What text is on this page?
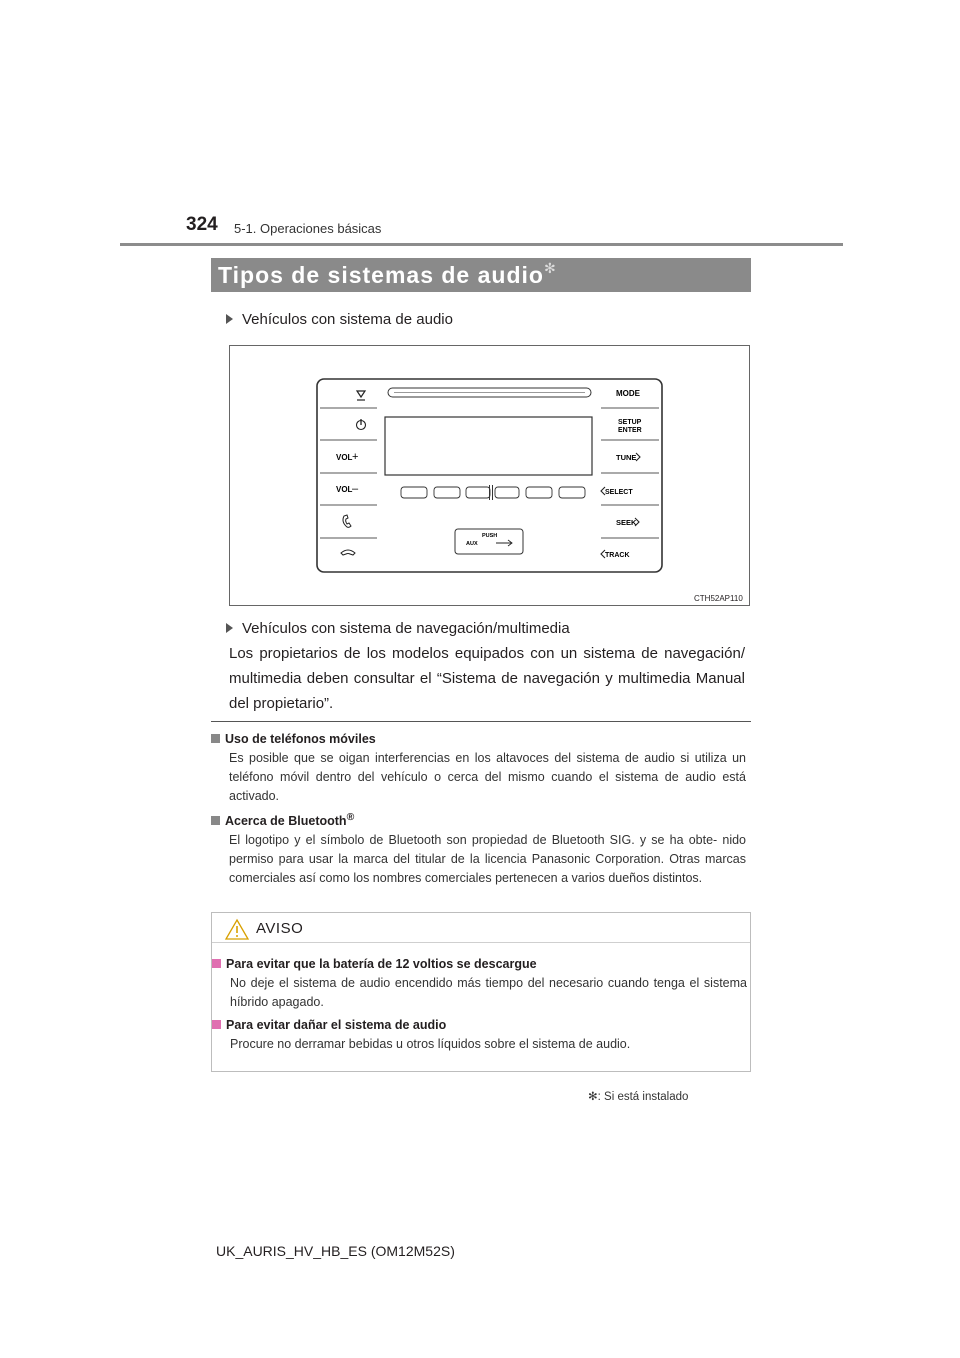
324 5-1. Operaciones básicas
Tipos de sistemas de audio✻
Vehículos con sistema de audio
VOL +
VOL –
PUSH
AUX
MODE
SETUP
ENTER
TUNE
SELECT
SEEK
TRACK
CTH52AP110
Vehículos con sistema de navegación/multimedia
Los propietarios de los modelos equipados con un sistema de navegación/ multimedia deben consultar el “Sistema de navegación y multimedia Manual del propietario”.
Uso de teléfonos móviles
Es posible que se oigan interferencias en los altavoces del sistema de audio si utiliza un teléfono móvil dentro del vehículo o cerca del mismo cuando el sistema de audio está activado.
Acerca de Bluetooth®
El logotipo y el símbolo de Bluetooth son propiedad de Bluetooth SIG. y se ha obte- nido permiso para usar la marca del titular de la licencia Panasonic Corporation. Otras marcas comerciales así como los nombres comerciales pertenecen a varios dueños distintos.
AVISO
Para evitar que la batería de 12 voltios se descargue
No deje el sistema de audio encendido más tiempo del necesario cuando tenga el sistema híbrido apagado.
Para evitar dañar el sistema de audio
Procure no derramar bebidas u otros líquidos sobre el sistema de audio.
✻: Si está instalado
UK_AURIS_HV_HB_ES (OM12M52S)
